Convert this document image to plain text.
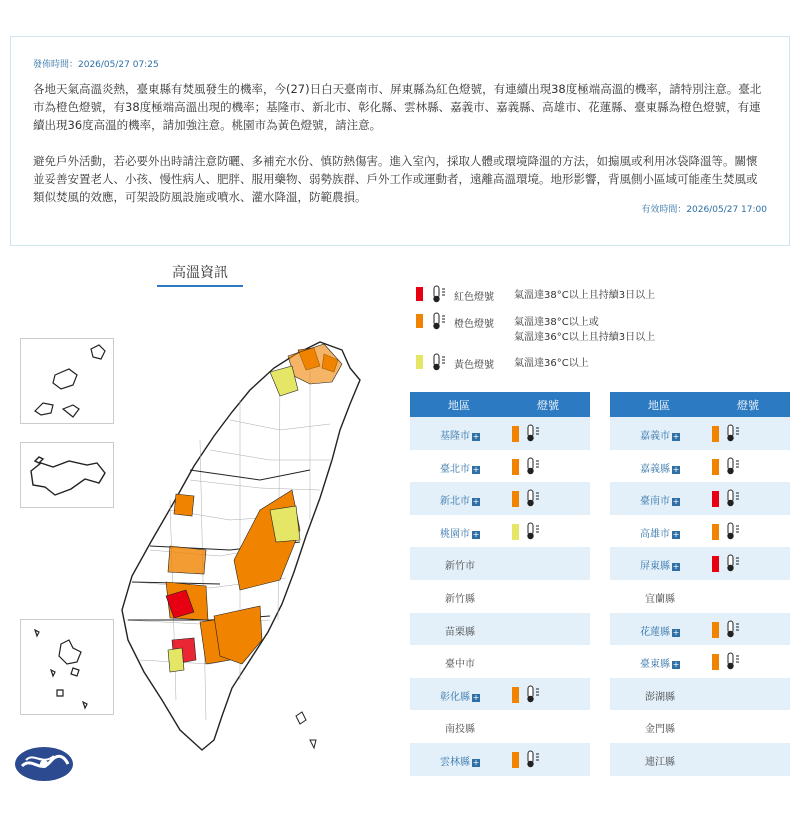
發佈時間：2026/05/27 07:25

各地天氣高溫炎熱，臺東縣有焚風發生的機率，今(27)日白天臺南市、屏東縣為紅色燈號，有連續出現38度極端高溫的機率，請特別注意。臺北市為橙色燈號，有38度極端高溫出現的機率；基隆市、新北市、彰化縣、雲林縣、嘉義市、嘉義縣、高雄市、花蓮縣、臺東縣為橙色燈號，有連續出現36度高溫的機率，請加強注意。桃園市為黃色燈號，請注意。

避免戶外活動，若必要外出時請注意防曬、多補充水份、慎防熱傷害。進入室內，採取人體或環境降溫的方法，如搧風或利用冰袋降溫等。關懷並妥善安置老人、小孩、慢性病人、肥胖、服用藥物、弱勢族群、戶外工作或運動者，遠離高溫環境。地形影響，背風側小區域可能產生焚風或類似焚風的效應，可架設防風設施或噴水、灌水降溫，防範農損。

有效時間：2026/05/27 17:00
高溫資訊
紅色燈號 氣溫達38°C以上且持續3日以上
橙色燈號 氣溫達38°C以上或
氣溫達36°C以上且持續3日以上
黃色燈號 氣溫達36°C以上
地區	燈號
基隆市 +
臺北市 +
新北市 +
桃園市 +
新竹市
新竹縣
苗栗縣
臺中市
彰化縣 +
南投縣
雲林縣 +
地區	燈號
嘉義市 +
嘉義縣 +
臺南市 +
高雄市 +
屏東縣 +
宜蘭縣
花蓮縣 +
臺東縣 +
澎湖縣
金門縣
連江縣
